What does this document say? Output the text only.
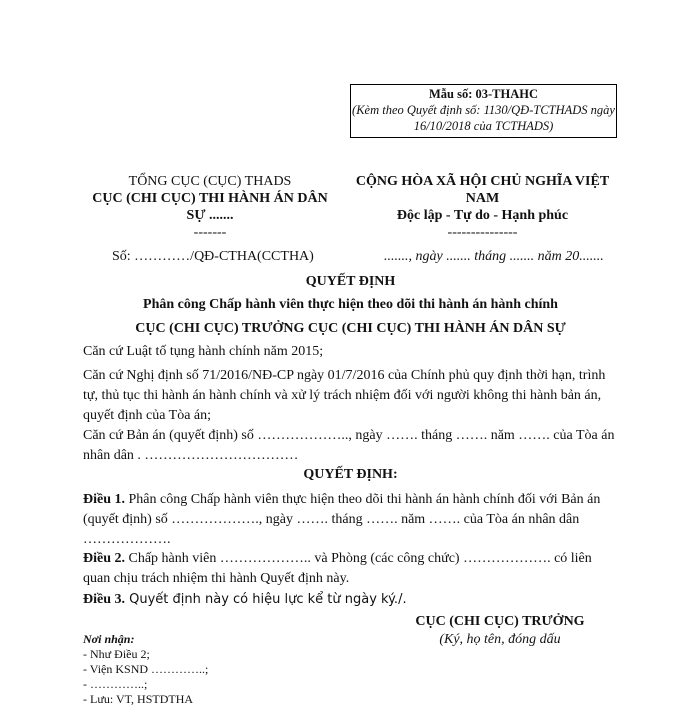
Mẫu số: 03-THAHC
(Kèm theo Quyết định số: 1130/QĐ-TCTHADS ngày 16/10/2018 của TCTHADS)
TỔNG CỤC (CỤC) THADS
CỤC (CHI CỤC) THI HÀNH ÁN DÂN SỰ .......
-------
CỘNG HÒA XÃ HỘI CHỦ NGHĨA VIỆT NAM
Độc lập - Tự do - Hạnh phúc
---------------
Số: …………/QĐ-CTHA(CCTHA)	......., ngày ....... tháng ....... năm 20.......
QUYẾT ĐỊNH
Phân công Chấp hành viên thực hiện theo dõi thi hành án hành chính
CỤC (CHI CỤC) TRƯỞNG CỤC (CHI CỤC) THI HÀNH ÁN DÂN SỰ
Căn cứ Luật tố tụng hành chính năm 2015;
Căn cứ Nghị định số 71/2016/NĐ-CP ngày 01/7/2016 của Chính phủ quy định thời hạn, trình tự, thủ tục thi hành án hành chính và xử lý trách nhiệm đối với người không thi hành bản án, quyết định của Tòa án;
Căn cứ Bản án (quyết định) số ……………….., ngày ……. tháng ……. năm ……. của Tòa án nhân dân . ……………………………
QUYẾT ĐỊNH:
Điều 1. Phân công Chấp hành viên thực hiện theo dõi thi hành án hành chính đối với Bản án (quyết định) số ………………., ngày ……. tháng ……. năm ……. của Tòa án nhân dân ……………….
Điều 2. Chấp hành viên ……………….. và Phòng (các công chức) ………………. có liên quan chịu trách nhiệm thi hành Quyết định này.
Điều 3. Quyết định này có hiệu lực kể từ ngày ký./.
CỤC (CHI CỤC) TRƯỞNG
(Ký, họ tên, đóng dấu
Nơi nhận:
- Như Điều 2;
- Viện KSND …………..;
- …………..;
- Lưu: VT, HSTDTHA
